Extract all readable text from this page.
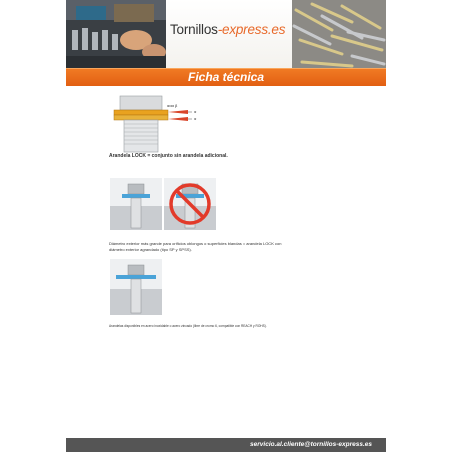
Tornillos-express.es
Ficha técnica
α
α
ααα β
Arandela LOCK = conjunto sin arandela adicional.
Diámetro exterior más grande para orificios oblongos o superficies blandas = arandela LOCK con
diámetro exterior agrandado (tipo SP y SPSS).
Arandelas disponibles en acero inoxidable o acero zincado (libre de cromo 6, compatible con REACH y ROHS).
servicio.al.cliente@tornillos-express.es
